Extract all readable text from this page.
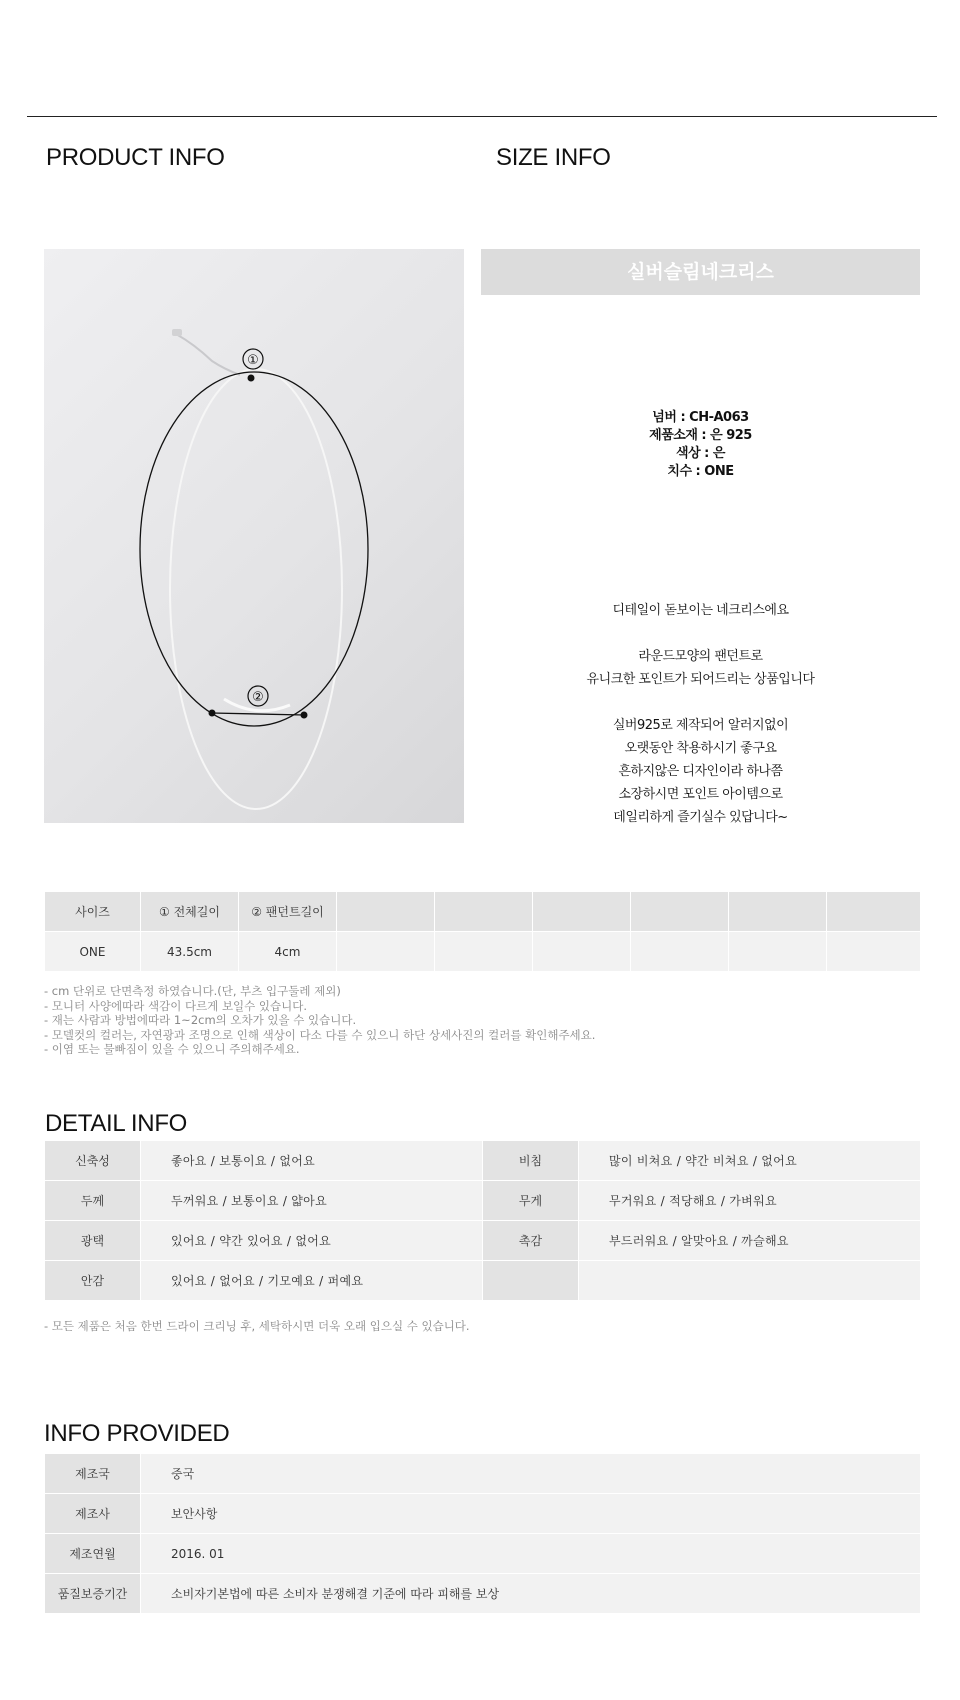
PRODUCT INFO	SIZE INFO
①
②
실버슬림네크리스
넘버 : CH-A063
제품소재 : 은 925
색상 : 은
치수 : ONE

디테일이 돋보이는 네크리스에요

라운드모양의 팬던트로

유니크한 포인트가 되어드리는 상품입니다

실버925로 제작되어 알러지없이

오랫동안 착용하시기 좋구요

흔하지않은 디자인이라 하나쯤

소장하시면 포인트 아이템으로

데일리하게 즐기실수 있답니다~

사이즈	① 전체길이	② 팬던트길이						
ONE	43.5cm	4cm						
- cm 단위로 단면측정 하였습니다.(단, 부츠 입구둘레 제외)
- 모니터 사양에따라 색감이 다르게 보일수 있습니다.
- 재는 사람과 방법에따라 1~2cm의 오차가 있을 수 있습니다.
- 모델컷의 컬러는, 자연광과 조명으로 인해 색상이 다소 다를 수 있으니 하단 상세사진의 컬러를 확인해주세요.
- 이염 또는 물빠짐이 있을 수 있으니 주의해주세요.
DETAIL INFO
신축성	좋아요 / 보통이요 / 없어요	비침	많이 비쳐요 / 약간 비쳐요 / 없어요
두께	두꺼워요 / 보통이요 / 얇아요	무게	무거워요 / 적당해요 / 가벼워요
광택	있어요 / 약간 있어요 / 없어요	촉감	부드러워요 / 알맞아요 / 까슬해요
안감	있어요 / 없어요 / 기모예요 / 퍼예요		
- 모든 제품은 처음 한번 드라이 크리닝 후, 세탁하시면 더욱 오래 입으실 수 있습니다.
INFO PROVIDED
제조국	중국
제조사	보안사항
제조연월	2016. 01
품질보증기간	소비자기본법에 따른 소비자 분쟁해결 기준에 따라 피해를 보상
